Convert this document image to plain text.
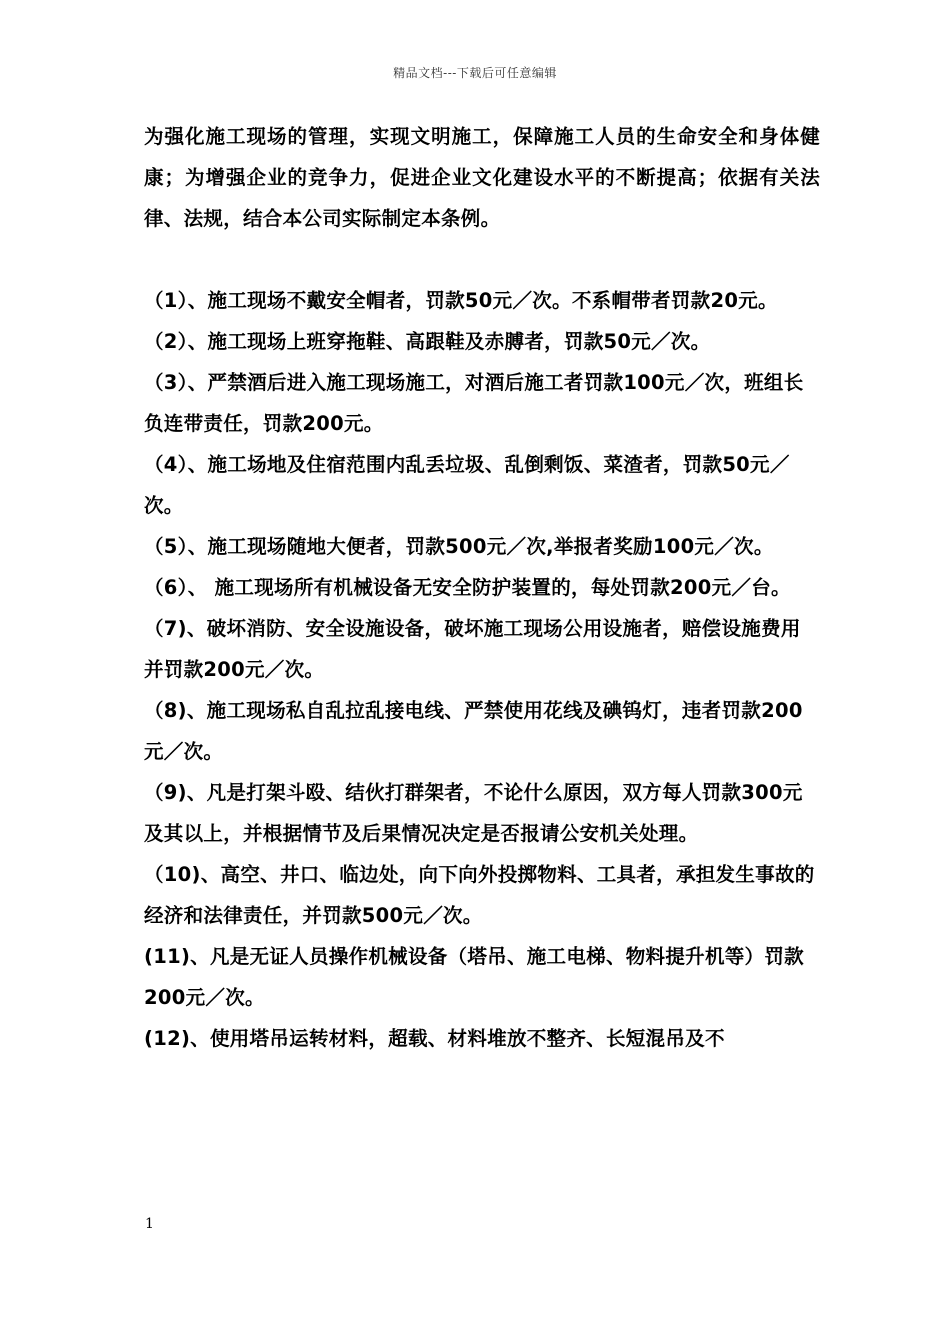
精品文档---下载后可任意编辑

为强化施工现场的管理，实现文明施工，保障施工人员的生命安全和身体健康；为增强企业的竞争力，促进企业文化建设水平的不断提高；依据有关法律、法规，结合本公司实际制定本条例。

（1）、施工现场不戴安全帽者，罚款50元／次。不系帽带者罚款20元。

（2）、施工现场上班穿拖鞋、高跟鞋及赤膊者，罚款50元／次。

（3）、严禁酒后进入施工现场施工，对酒后施工者罚款100元／次，班组长负连带责任，罚款200元。

（4）、施工场地及住宿范围内乱丢垃圾、乱倒剩饭、菜渣者，罚款50元／次。

（5）、施工现场随地大便者，罚款500元／次,举报者奖励100元／次。

（6）、 施工现场所有机械设备无安全防护装置的，每处罚款200元／台。

（7)、破坏消防、安全设施设备，破坏施工现场公用设施者，赔偿设施费用并罚款200元／次。

（8)、施工现场私自乱拉乱接电线、严禁使用花线及碘钨灯，违者罚款200元／次。

（9)、凡是打架斗殴、结伙打群架者，不论什么原因，双方每人罚款300元及其以上，并根据情节及后果情况决定是否报请公安机关处理。

（10)、高空、井口、临边处，向下向外投掷物料、工具者，承担发生事故的经济和法律责任，并罚款500元／次。

(11)、凡是无证人员操作机械设备（塔吊、施工电梯、物料提升机等）罚款200元／次。

(12)、使用塔吊运转材料，超载、材料堆放不整齐、长短混吊及不

1
